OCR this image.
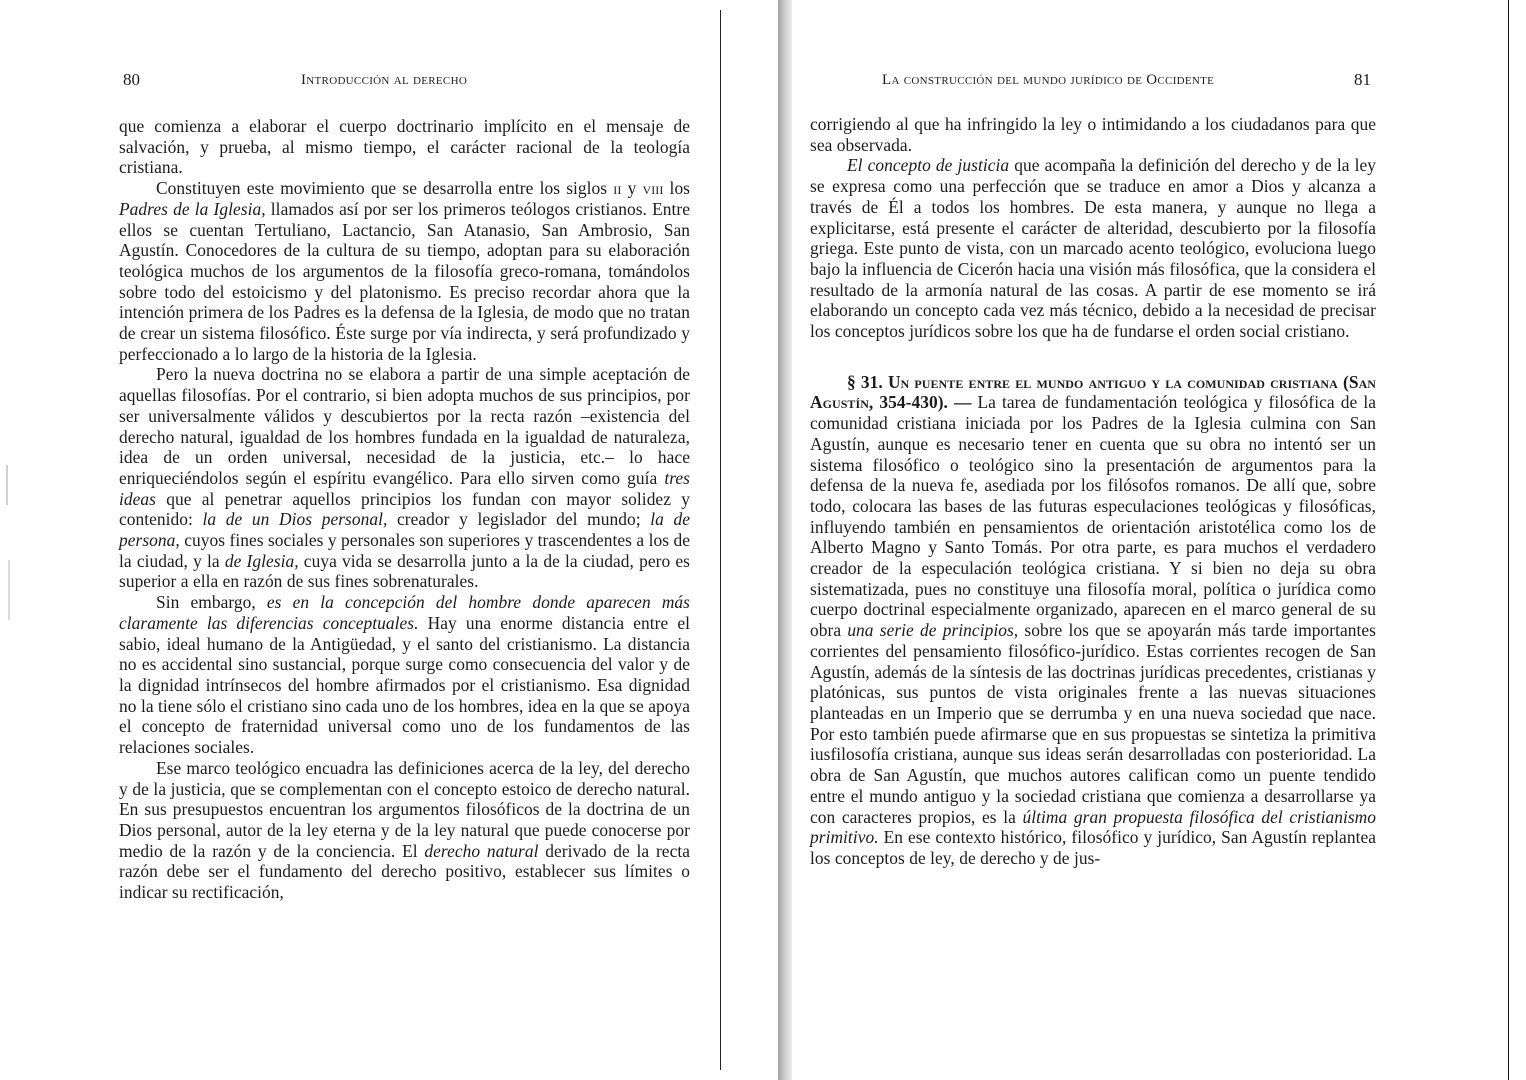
80	Introducción al derecho

que comienza a elaborar el cuerpo doctrinario implícito en el mensaje de salvación, y prueba, al mismo tiempo, el carácter racional de la teología cristiana.

Constituyen este movimiento que se desarrolla entre los siglos ii y viii los Padres de la Iglesia, llamados así por ser los primeros teólogos cristianos. Entre ellos se cuentan Tertuliano, Lactancio, San Atanasio, San Ambrosio, San Agustín. Conocedores de la cultura de su tiempo, adoptan para su elaboración teológica muchos de los argumentos de la filosofía greco-romana, tomándolos sobre todo del estoicismo y del platonismo. Es preciso recordar ahora que la intención primera de los Padres es la defensa de la Iglesia, de modo que no tratan de crear un sistema filosófico. Éste surge por vía indirecta, y será profundizado y perfeccionado a lo largo de la historia de la Iglesia.

Pero la nueva doctrina no se elabora a partir de una simple aceptación de aquellas filosofías. Por el contrario, si bien adopta muchos de sus principios, por ser universalmente válidos y descubiertos por la recta razón –existencia del derecho natural, igualdad de los hombres fundada en la igualdad de naturaleza, idea de un orden universal, necesidad de la justicia, etc.– lo hace enriqueciéndolos según el espíritu evangélico. Para ello sirven como guía tres ideas que al penetrar aquellos principios los fundan con mayor solidez y contenido: la de un Dios personal, creador y legislador del mundo; la de persona, cuyos fines sociales y personales son superiores y trascendentes a los de la ciudad, y la de Iglesia, cuya vida se desarrolla junto a la de la ciudad, pero es superior a ella en razón de sus fines sobrenaturales.

Sin embargo, es en la concepción del hombre donde aparecen más claramente las diferencias conceptuales. Hay una enorme distancia entre el sabio, ideal humano de la Antigüedad, y el santo del cristianismo. La distancia no es accidental sino sustancial, porque surge como consecuencia del valor y de la dignidad intrínsecos del hombre afirmados por el cristianismo. Esa dignidad no la tiene sólo el cristiano sino cada uno de los hombres, idea en la que se apoya el concepto de fraternidad universal como uno de los fundamentos de las relaciones sociales.

Ese marco teológico encuadra las definiciones acerca de la ley, del derecho y de la justicia, que se complementan con el concepto estoico de derecho natural. En sus presupuestos encuentran los argumentos filosóficos de la doctrina de un Dios personal, autor de la ley eterna y de la ley natural que puede conocerse por medio de la razón y de la conciencia. El derecho natural derivado de la recta razón debe ser el fundamento del derecho positivo, establecer sus límites o indicar su rectificación,

La construcción del mundo jurídico de Occidente	81

corrigiendo al que ha infringido la ley o intimidando a los ciudadanos para que sea observada.

El concepto de justicia que acompaña la definición del derecho y de la ley se expresa como una perfección que se traduce en amor a Dios y alcanza a través de Él a todos los hombres. De esta manera, y aunque no llega a explicitarse, está presente el carácter de alteridad, descubierto por la filosofía griega. Este punto de vista, con un marcado acento teológico, evoluciona luego bajo la influencia de Cicerón hacia una visión más filosófica, que la considera el resultado de la armonía natural de las cosas. A partir de ese momento se irá elaborando un concepto cada vez más técnico, debido a la necesidad de precisar los conceptos jurídicos sobre los que ha de fundarse el orden social cristiano.

§ 31. Un puente entre el mundo antiguo y la comunidad cristiana (San Agustín, 354-430). — La tarea de fundamentación teológica y filosófica de la comunidad cristiana iniciada por los Padres de la Iglesia culmina con San Agustín, aunque es necesario tener en cuenta que su obra no intentó ser un sistema filosófico o teológico sino la presentación de argumentos para la defensa de la nueva fe, asediada por los filósofos romanos. De allí que, sobre todo, colocara las bases de las futuras especulaciones teológicas y filosóficas, influyendo también en pensamientos de orientación aristotélica como los de Alberto Magno y Santo Tomás. Por otra parte, es para muchos el verdadero creador de la especulación teológica cristiana. Y si bien no deja su obra sistematizada, pues no constituye una filosofía moral, política o jurídica como cuerpo doctrinal especialmente organizado, aparecen en el marco general de su obra una serie de principios, sobre los que se apoyarán más tarde importantes corrientes del pensamiento filosófico-jurídico. Estas corrientes recogen de San Agustín, además de la síntesis de las doctrinas jurídicas precedentes, cristianas y platónicas, sus puntos de vista originales frente a las nuevas situaciones planteadas en un Imperio que se derrumba y en una nueva sociedad que nace. Por esto también puede afirmarse que en sus propuestas se sintetiza la primitiva iusfilosofía cristiana, aunque sus ideas serán desarrolladas con posterioridad. La obra de San Agustín, que muchos autores califican como un puente tendido entre el mundo antiguo y la sociedad cristiana que comienza a desarrollarse ya con caracteres propios, es la última gran propuesta filosófica del cristianismo primitivo. En ese contexto histórico, filosófico y jurídico, San Agustín replantea los conceptos de ley, de derecho y de jus-
